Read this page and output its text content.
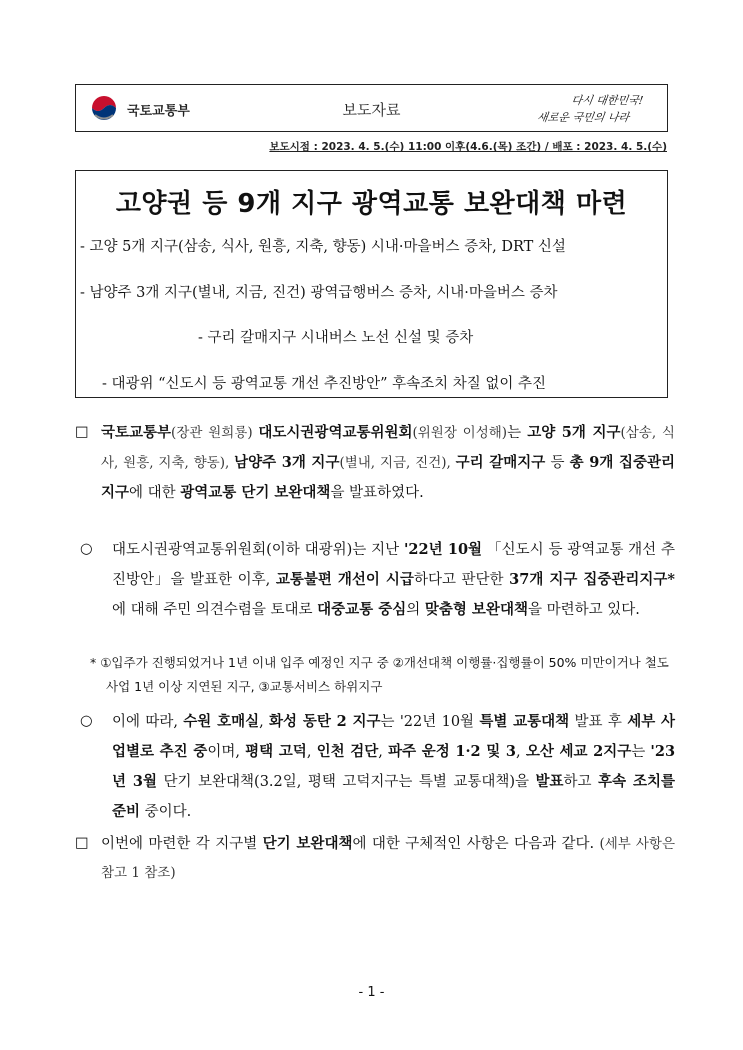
국토교통부	보도자료
다시 대한민국!
새로운 국민의 나라
보도시점 : 2023. 4. 5.(수) 11:00 이후(4.6.(목) 조간) / 배포 : 2023. 4. 5.(수)
고양권 등 9개 지구 광역교통 보완대책 마련
- 고양 5개 지구(삼송, 식사, 원흥, 지축, 향동) 시내·마을버스 증차, DRT 신설
- 남양주 3개 지구(별내, 지금, 진건) 광역급행버스 증차, 시내·마을버스 증차
- 구리 갈매지구 시내버스 노선 신설 및 증차
- 대광위 “신도시 등 광역교통 개선 추진방안” 후속조치 차질 없이 추진
□ 국토교통부(장관 원희룡) 대도시권광역교통위원회(위원장 이성해)는 고양 5개 지구(삼송, 식사, 원흥, 지축, 향동), 남양주 3개 지구(별내, 지금, 진건), 구리 갈매지구 등 총 9개 집중관리지구에 대한 광역교통 단기 보완대책을 발표하였다.
○ 대도시권광역교통위원회(이하 대광위)는 지난 '22년 10월 「신도시 등 광역교통 개선 추진방안」을 발표한 이후, 교통불편 개선이 시급하다고 판단한 37개 지구 집중관리지구*에 대해 주민 의견수렴을 토대로 대중교통 중심의 맞춤형 보완대책을 마련하고 있다.
* ①입주가 진행되었거나 1년 이내 입주 예정인 지구 중 ②개선대책 이행률·집행률이 50% 미만이거나 철도사업 1년 이상 지연된 지구, ③교통서비스 하위지구
○ 이에 따라, 수원 호매실, 화성 동탄 2 지구는 '22년 10월 특별 교통대책 발표 후 세부 사업별로 추진 중이며, 평택 고덕, 인천 검단, 파주 운정 1·2 및 3, 오산 세교 2지구는 '23년 3월 단기 보완대책(3.2일, 평택 고덕지구는 특별 교통대책)을 발표하고 후속 조치를 준비 중이다.
□ 이번에 마련한 각 지구별 단기 보완대책에 대한 구체적인 사항은 다음과 같다. (세부 사항은 참고 1 참조)
- 1 -
